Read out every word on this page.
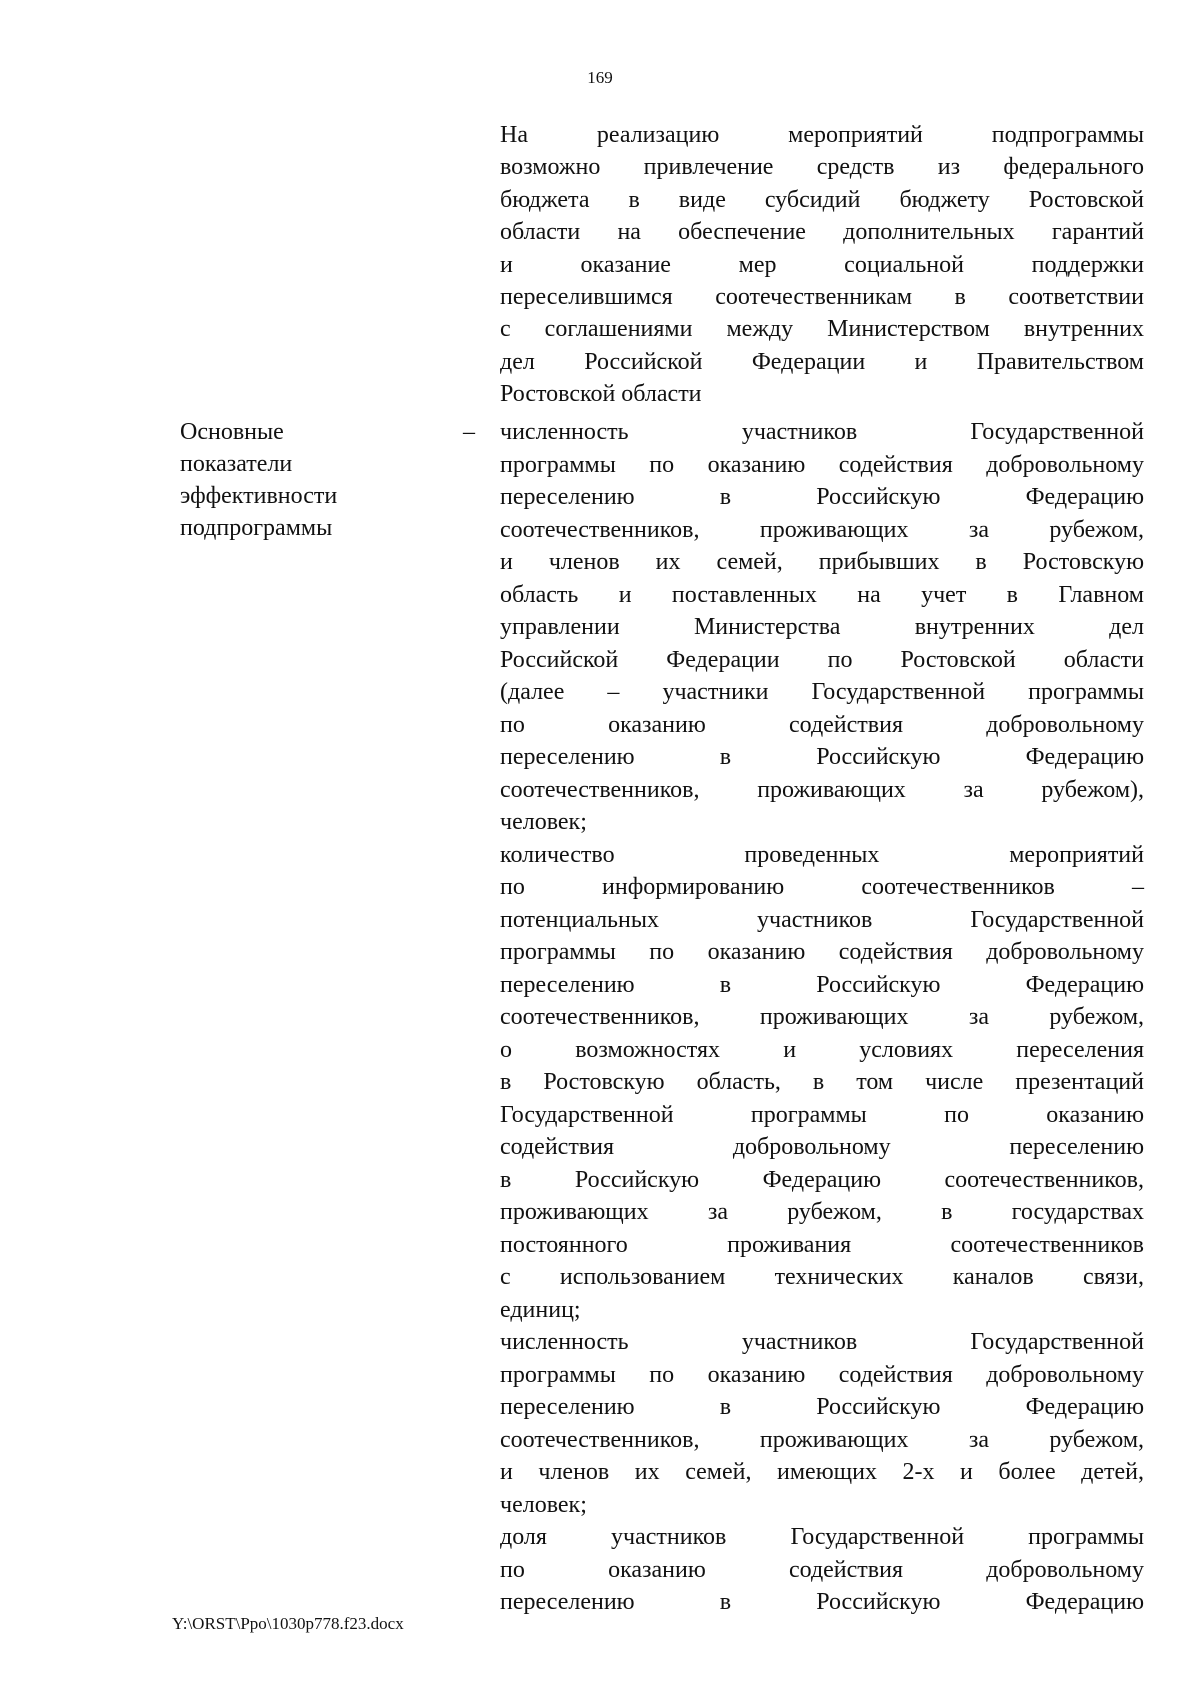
169
На реализацию мероприятий подпрограммы
возможно привлечение средств из федерального
бюджета в виде субсидий бюджету Ростовской
области на обеспечение дополнительных гарантий
и оказание мер социальной поддержки
переселившимся соотечественникам в соответствии
с соглашениями между Министерством внутренних
дел Российской Федерации и Правительством
Ростовской области
Основные
показатели
эффективности
подпрограммы
– численность участников Государственной
программы по оказанию содействия добровольному
переселению в Российскую Федерацию
соотечественников, проживающих за рубежом,
и членов их семей, прибывших в Ростовскую
область и поставленных на учет в Главном
управлении Министерства внутренних дел
Российской Федерации по Ростовской области
(далее – участники Государственной программы
по оказанию содействия добровольному
переселению в Российскую Федерацию
соотечественников, проживающих за рубежом),
человек;
количество проведенных мероприятий
по информированию соотечественников –
потенциальных участников Государственной
программы по оказанию содействия добровольному
переселению в Российскую Федерацию
соотечественников, проживающих за рубежом,
о возможностях и условиях переселения
в Ростовскую область, в том числе презентаций
Государственной программы по оказанию
содействия добровольному переселению
в Российскую Федерацию соотечественников,
проживающих за рубежом, в государствах
постоянного проживания соотечественников
с использованием технических каналов связи,
единиц;
численность участников Государственной
программы по оказанию содействия добровольному
переселению в Российскую Федерацию
соотечественников, проживающих за рубежом,
и членов их семей, имеющих 2-х и более детей,
человек;
доля участников Государственной программы
по оказанию содействия добровольному
переселению в Российскую Федерацию
Y:\ORST\Ppo\1030p778.f23.docx
